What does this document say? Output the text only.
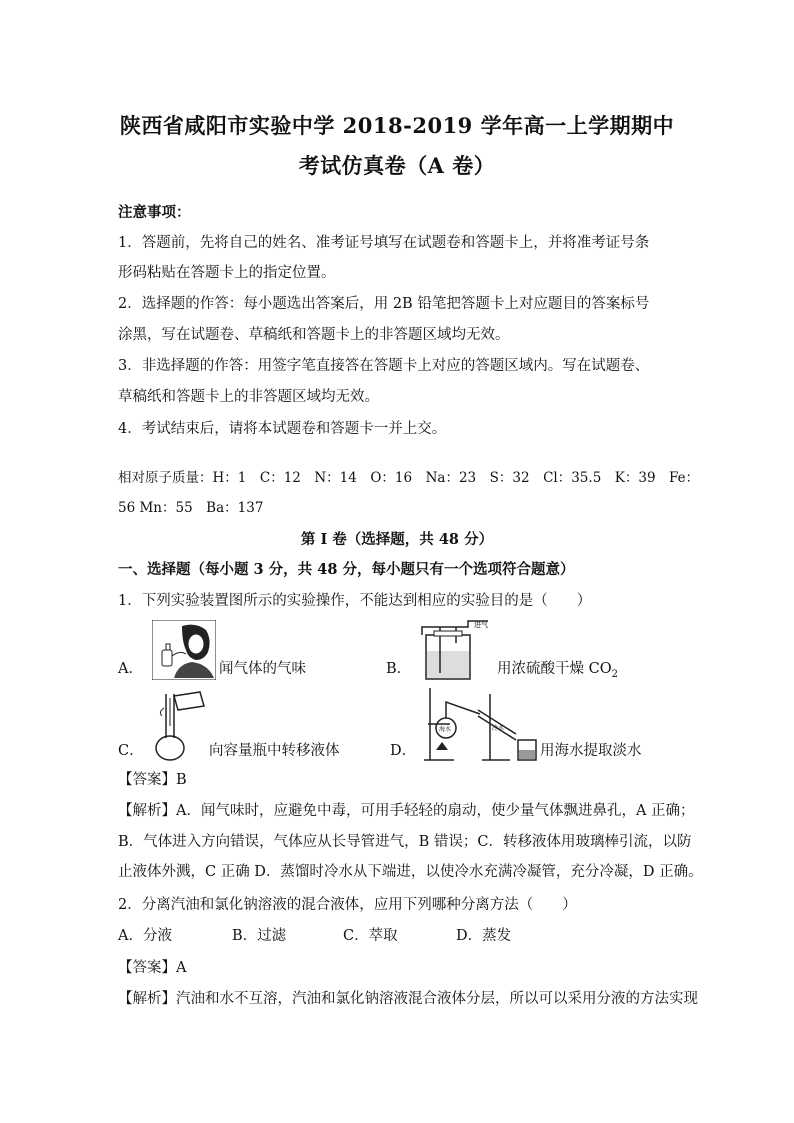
陕西省咸阳市实验中学 2018-2019 学年高一上学期期中
考试仿真卷（A 卷）
注意事项：
1．答题前，先将自己的姓名、准考证号填写在试题卷和答题卡上，并将准考证号条
形码粘贴在答题卡上的指定位置。
2．选择题的作答：每小题选出答案后，用 2B 铅笔把答题卡上对应题目的答案标号
涂黑，写在试题卷、草稿纸和答题卡上的非答题区域均无效。
3．非选择题的作答：用签字笔直接答在答题卡上对应的答题区域内。写在试题卷、
草稿纸和答题卡上的非答题区域均无效。
4．考试结束后，请将本试题卷和答题卡一并上交。
相对原子质量：H：1　C：12　N：14　O：16　Na：23　S：32　Cl：35.5　K：39　Fe：
56 Mn：55　Ba：137
第 I 卷（选择题，共 48 分）
一、选择题（每小题 3 分，共 48 分，每小题只有一个选项符合题意）
1．下列实验装置图所示的实验操作，不能达到相应的实验目的是（　　）
A．	闻气体的气味	B．
进气
用浓硫酸干燥 $CO_2$
C．	向容量瓶中转移液体	D．
海水	冷水
用海水提取淡水
【答案】B
【解析】A．闻气味时，应避免中毒，可用手轻轻的扇动，使少量气体飘进鼻孔，A 正确；
B．气体进入方向错误，气体应从长导管进气，B 错误；C．转移液体用玻璃棒引流，以防
止液体外溅，C 正确 D．蒸馏时冷水从下端进，以使冷水充满冷凝管，充分冷凝，D 正确。
2．分离汽油和氯化钠溶液的混合液体，应用下列哪种分离方法（　　）
A．分液	B．过滤	C．萃取	D．蒸发
【答案】A
【解析】汽油和水不互溶，汽油和氯化钠溶液混合液体分层，所以可以采用分液的方法实现
